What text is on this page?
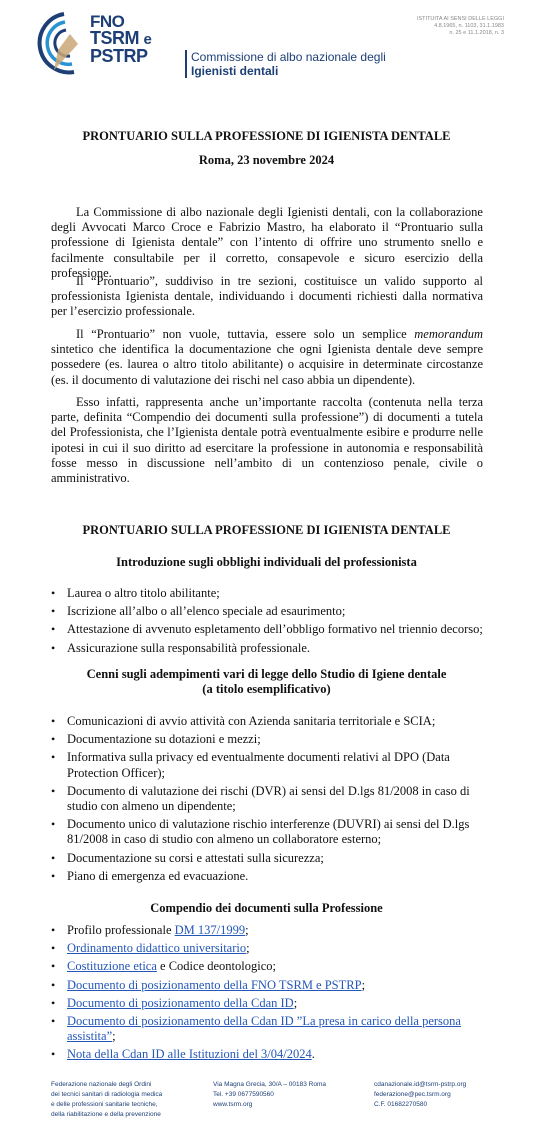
FNO
TSRM e
PSTRP	Commissione di albo nazionale degli
Igienisti dentali
ISTITUITA AI SENSI DELLE LEGGI
4.8.1965, n. 1103, 31.1.1983
n. 25 e 11.1.2018, n. 3
PRONTUARIO SULLA PROFESSIONE DI IGIENISTA DENTALE
Roma, 23 novembre 2024

La Commissione di albo nazionale degli Igienisti dentali, con la collaborazione degli Avvocati Marco Croce e Fabrizio Mastro, ha elaborato il “Prontuario sulla professione di Igienista dentale” con l’intento di offrire uno strumento snello e facilmente consultabile per il corretto, consapevole e sicuro esercizio della professione.

Il “Prontuario”, suddiviso in tre sezioni, costituisce un valido supporto al professionista Igienista dentale, individuando i documenti richiesti dalla normativa per l’esercizio professionale.

Il “Prontuario” non vuole, tuttavia, essere solo un semplice memorandum sintetico che identifica la documentazione che ogni Igienista dentale deve sempre possedere (es. laurea o altro titolo abilitante) o acquisire in determinate circostanze (es. il documento di valutazione dei rischi nel caso abbia un dipendente).

Esso infatti, rappresenta anche un’importante raccolta (contenuta nella terza parte, definita “Compendio dei documenti sulla professione”) di documenti a tutela del Professionista, che l’Igienista dentale potrà eventualmente esibire e produrre nelle ipotesi in cui il suo diritto ad esercitare la professione in autonomia e responsabilità fosse messo in discussione nell’ambito di un contenzioso penale, civile o amministrativo.

PRONTUARIO SULLA PROFESSIONE DI IGIENISTA DENTALE
Introduzione sugli obblighi individuali del professionista
• Laurea o altro titolo abilitante;
• Iscrizione all’albo o all’elenco speciale ad esaurimento;
• Attestazione di avvenuto espletamento dell’obbligo formativo nel triennio decorso;
• Assicurazione sulla responsabilità professionale.
Cenni sugli adempimenti vari di legge dello Studio di Igiene dentale
(a titolo esemplificativo)
• Comunicazioni di avvio attività con Azienda sanitaria territoriale e SCIA;
• Documentazione su dotazioni e mezzi;
• Informativa sulla privacy ed eventualmente documenti relativi al DPO (Data Protection Officer);
• Documento di valutazione dei rischi (DVR) ai sensi del D.lgs 81/2008 in caso di studio con almeno un dipendente;
• Documento unico di valutazione rischio interferenze (DUVRI) ai sensi del D.lgs 81/2008 in caso di studio con almeno un collaboratore esterno;
• Documentazione su corsi e attestati sulla sicurezza;
• Piano di emergenza ed evacuazione.
Compendio dei documenti sulla Professione
• Profilo professionale DM 137/1999;
• Ordinamento didattico universitario;
• Costituzione etica e Codice deontologico;
• Documento di posizionamento della FNO TSRM e PSTRP;
• Documento di posizionamento della Cdan ID;
• Documento di posizionamento della Cdan ID ”La presa in carico della persona assistita”;
• Nota della Cdan ID alle Istituzioni del 3/04/2024.
Federazione nazionale degli Ordini
dei tecnici sanitari di radiologia medica
e delle professioni sanitarie tecniche,
della riabilitazione e della prevenzione
Via Magna Grecia, 30/A – 00183 Roma
Tel. +39 0677590560
www.tsrm.org
cdanazionale.id@tsrm-pstrp.org
federazione@pec.tsrm.org
C.F. 01682270580
